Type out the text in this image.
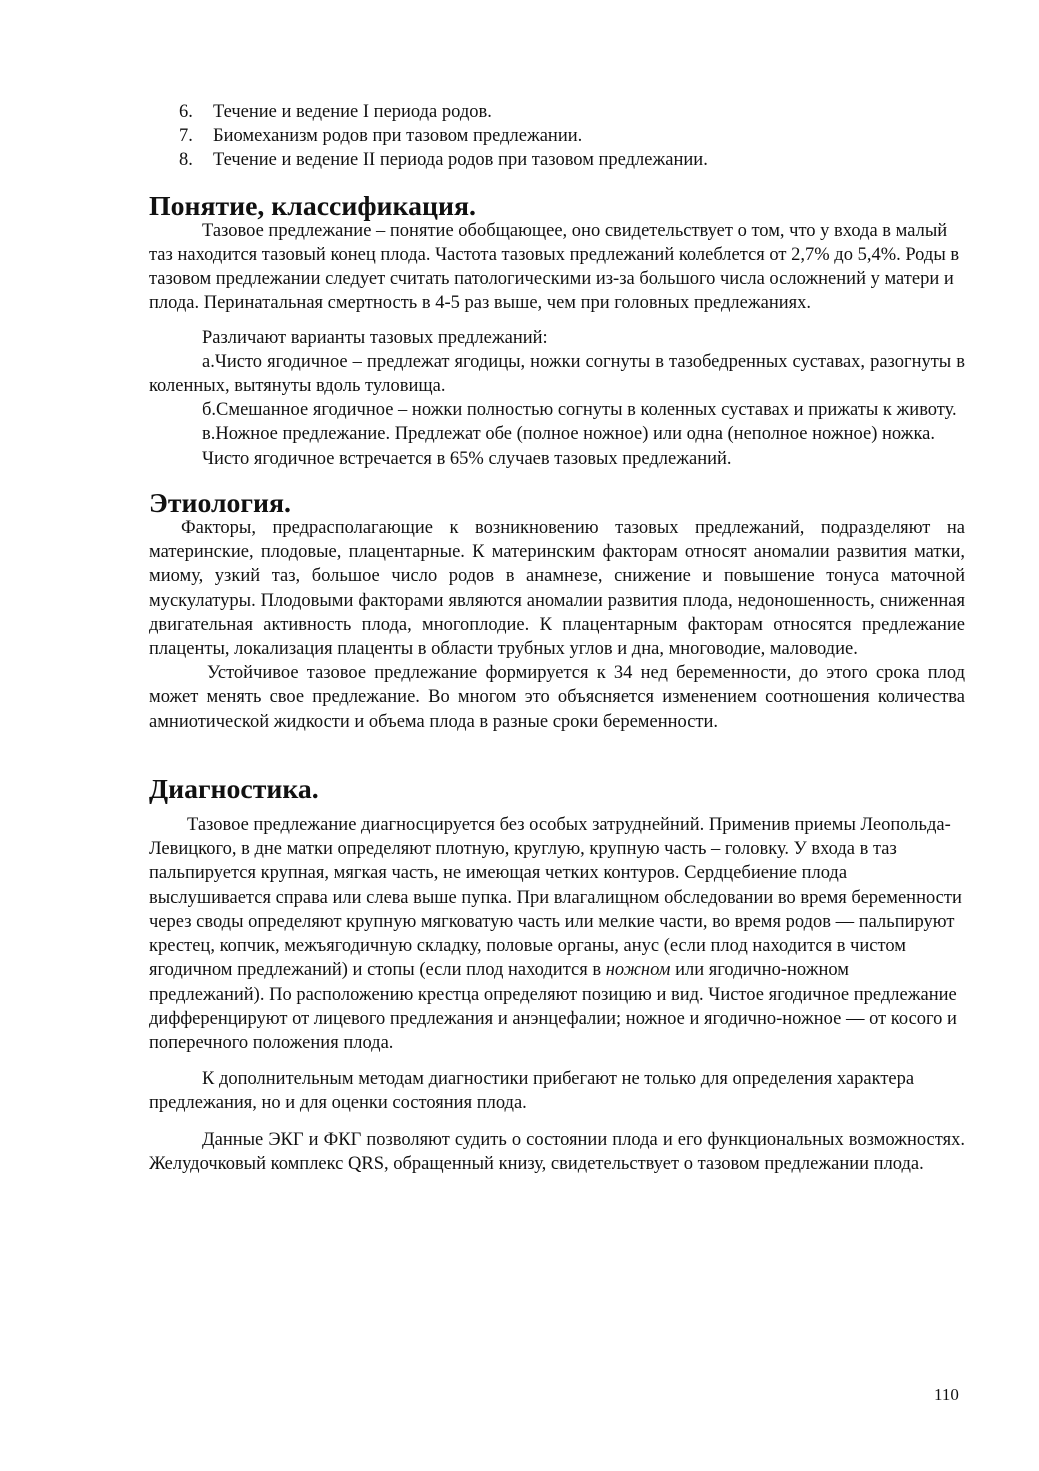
6. Течение и ведение I периода родов.
7. Биомеханизм родов при тазовом предлежании.
8. Течение и ведение II периода родов при тазовом предлежании.
Понятие, классификация.

Тазовое предлежание – понятие обобщающее, оно свидетельствует о том, что у входа в малый таз находится тазовый конец плода. Частота тазовых предлежаний колеблется от 2,7% до 5,4%. Роды в тазовом предлежании следует считать патологическими из-за большого числа осложнений у матери и плода. Перинатальная смертность в 4-5 раз выше, чем при головных предлежаниях.

Различают варианты тазовых предлежаний:

а.Чисто ягодичное – предлежат ягодицы, ножки согнуты в тазобедренных суставах, разогнуты в коленных, вытянуты вдоль туловища.

б.Смешанное ягодичное – ножки полностью согнуты в коленных суставах и прижаты к животу.

в.Ножное предлежание. Предлежат обе (полное ножное) или одна (неполное ножное) ножка.

Чисто ягодичное встречается в 65% случаев тазовых предлежаний.

Этиология.

Факторы, предрасполагающие к возникновению тазовых предлежаний, подразделяют на материнские, плодовые, плацентарные. К материнским факторам относят аномалии развития матки, миому, узкий таз, большое число родов в анамнезе, снижение и повышение тонуса маточной мускулатуры. Плодовыми факторами являются аномалии развития плода, недоношенность, сниженная двигательная активность плода, многоплодие. К плацентарным факторам относятся предлежание плаценты, локализация плаценты в области трубных углов и дна, многоводие, маловодие.

Устойчивое тазовое предлежание формируется к 34 нед беременности, до этого срока плод может менять свое предлежание. Во многом это объясняется изменением соотношения количества амниотической жидкости и объема плода в разные сроки беременности.

Диагностика.

Тазовое предлежание диагносцируется без особых затруднейний. Применив приемы Леопольда-Левицкого, в дне матки определяют плотную, круглую, крупную часть – головку. У входа в таз пальпируется крупная, мягкая часть, не имеющая четких контуров. Сердцебиение плода выслушивается справа или слева выше пупка. При влагалищном обследовании во время беременности через своды определяют крупную мягковатую часть или мелкие части, во время родов — пальпируют крестец, копчик, межъягодичную складку, половые органы, анус (если плод находится в чистом ягодичном предлежаний) и стопы (если плод находится в ножном или ягодично-ножном предлежаний). По расположению крестца определяют позицию и вид. Чистое ягодичное предлежание дифференцируют от лицевого предлежания и анэнцефалии; ножное и ягодично-ножное — от косого и поперечного положения плода.

К дополнительным методам диагностики прибегают не только для определения характера предлежания, но и для оценки состояния плода.

Данные ЭКГ и ФКГ позволяют судить о состоянии плода и его функциональных возможностях. Желудочковый комплекс QRS, обращенный книзу, свидетельствует о тазовом предлежании плода.

110
